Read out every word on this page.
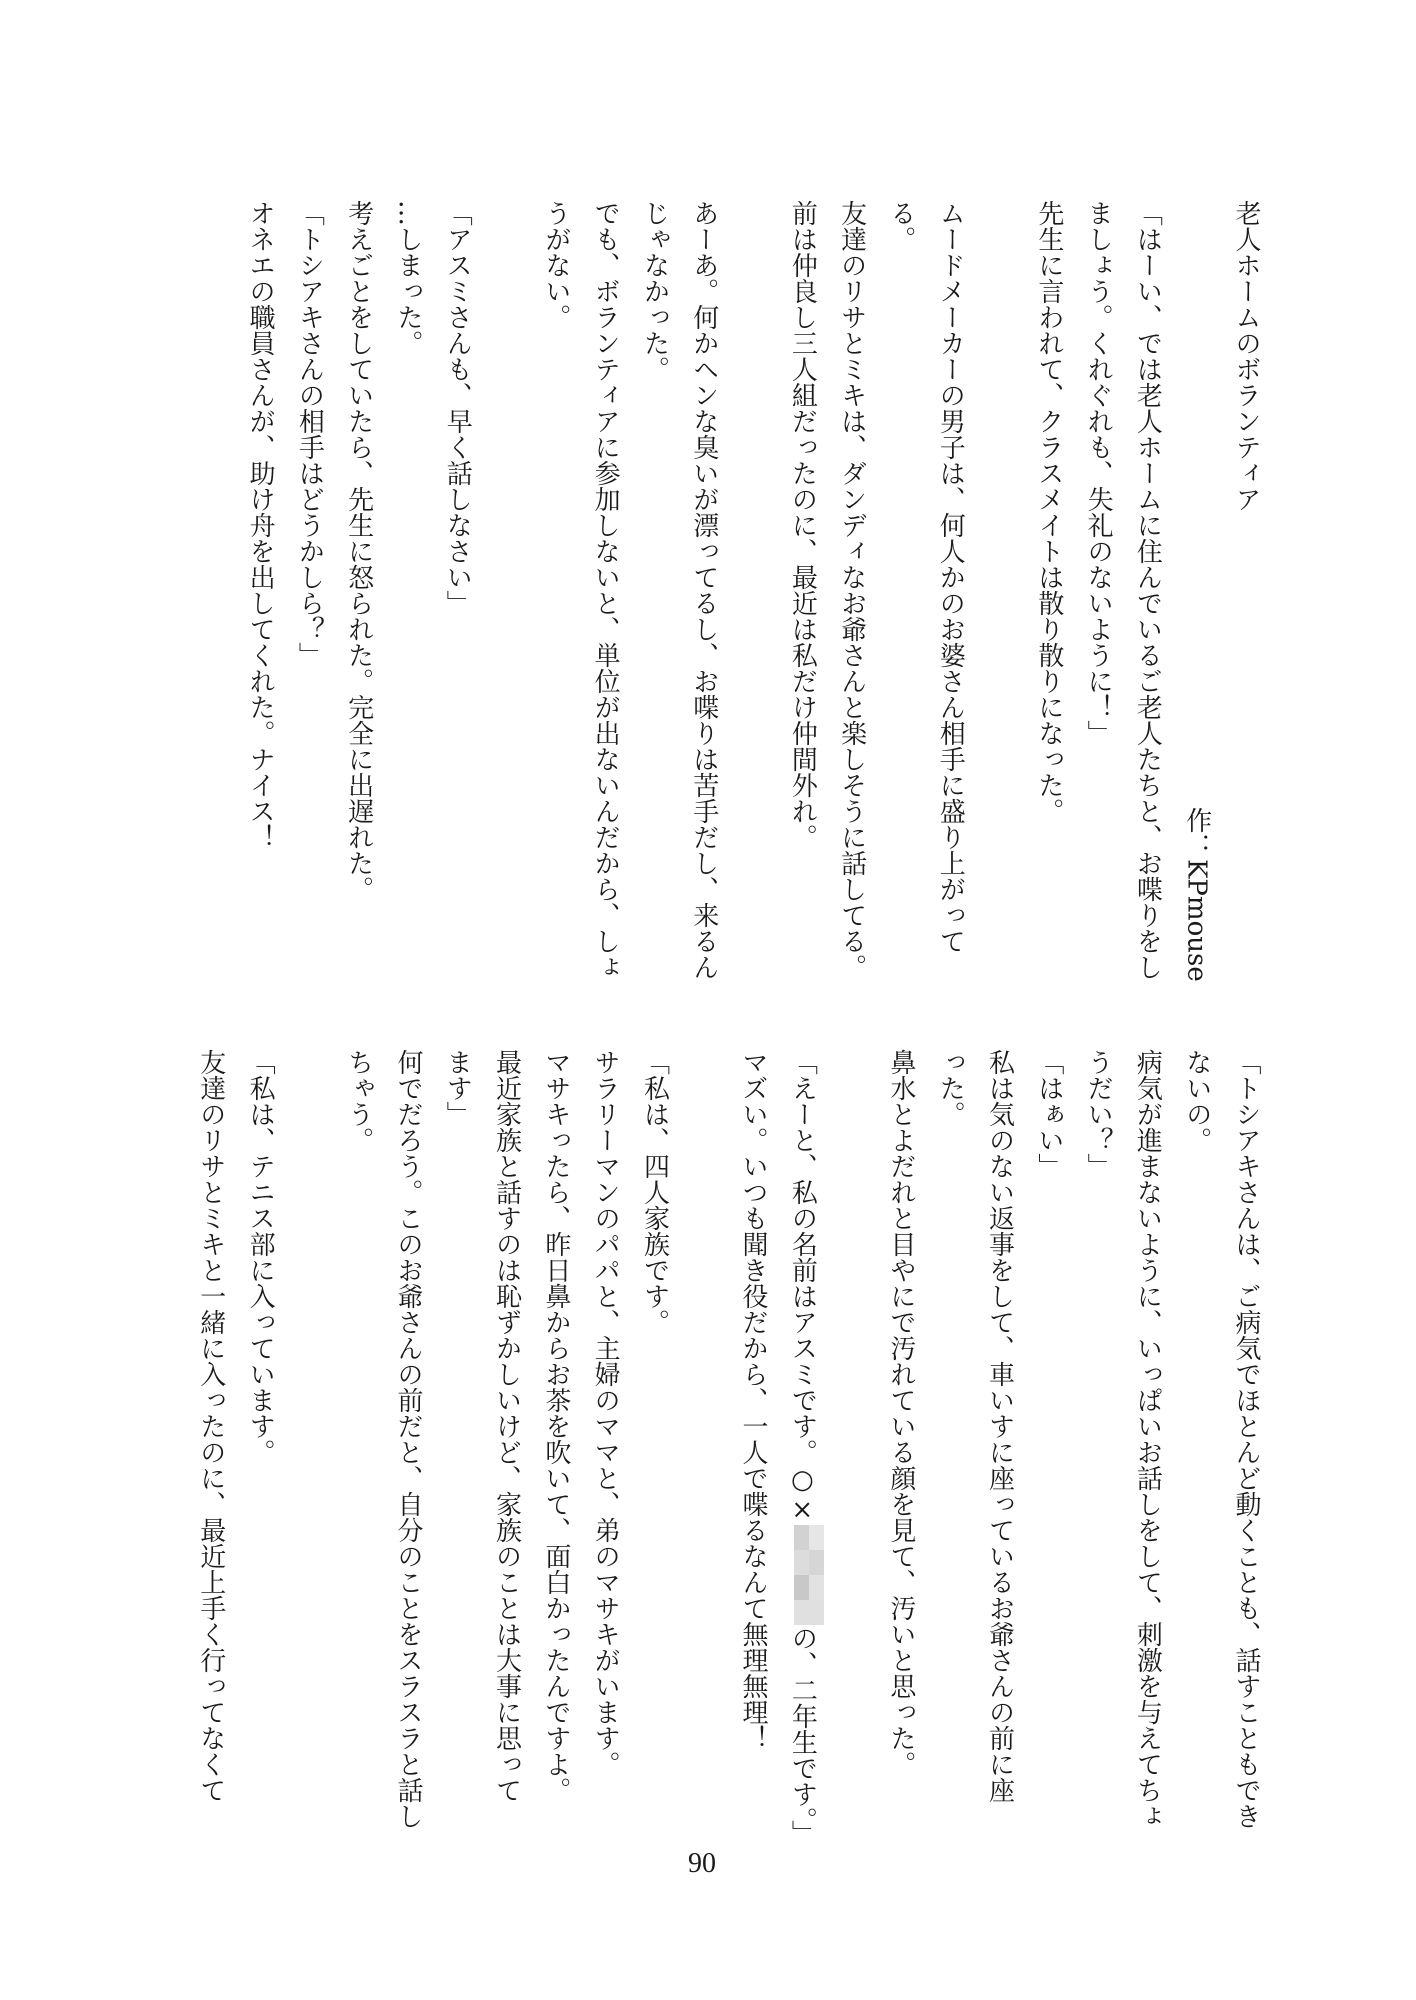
老人ホームのボランティア
作：KPmouse
「はーい、では老人ホームに住んでいるご老人たちと、お喋りをし
ましょう。くれぐれも、失礼のないように！」
先生に言われて、クラスメイトは散り散りになった。

ムードメーカーの男子は、何人かのお婆さん相手に盛り上がって
る。
友達のリサとミキは、ダンディなお爺さんと楽しそうに話してる。
前は仲良し三人組だったのに、最近は私だけ仲間外れ。

あーあ。何かヘンな臭いが漂ってるし、お喋りは苦手だし、来るん
じゃなかった。
でも、ボランティアに参加しないと、単位が出ないんだから、しょ
うがない。

「アスミさんも、早く話しなさい」
…しまった。
考えごとをしていたら、先生に怒られた。完全に出遅れた。
「トシアキさんの相手はどうかしら？」
オネエの職員さんが、助け舟を出してくれた。ナイス！
「トシアキさんは、ご病気でほとんど動くことも、話すこともでき
ないの。
病気が進まないように、いっぱいお話しをして、刺激を与えてちょ
うだい？」
「はぁい」
私は気のない返事をして、車いすに座っているお爺さんの前に座
った。
鼻水とよだれと目やにで汚れている顔を見て、汚いと思った。

「えーと、私の名前はアスミです。○×の、二年生です。」
マズい。いつも聞き役だから、一人で喋るなんて無理無理！

「私は、四人家族です。
サラリーマンのパパと、主婦のママと、弟のマサキがいます。
マサキったら、昨日鼻からお茶を吹いて、面白かったんですよ。
最近家族と話すのは恥ずかしいけど、家族のことは大事に思って
ます」
何でだろう。このお爺さんの前だと、自分のことをスラスラと話し
ちゃう。

「私は、テニス部に入っています。
友達のリサとミキと一緒に入ったのに、最近上手く行ってなくて
90
